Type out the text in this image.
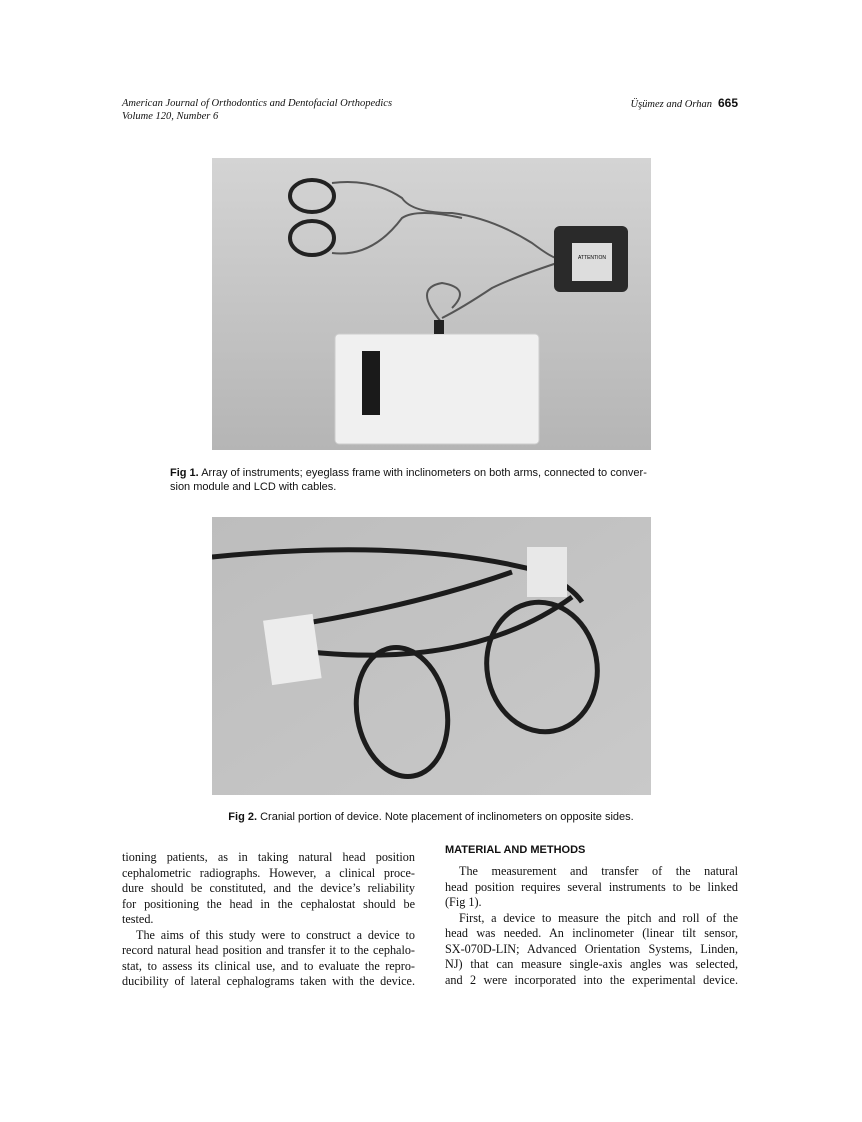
American Journal of Orthodontics and Dentofacial Orthopedics
Volume 120, Number 6
Üşümez and Orhan 665
ATTENTION
Fig 1. Array of instruments; eyeglass frame with inclinometers on both arms, connected to conver-
sion module and LCD with cables.
Fig 2. Cranial portion of device. Note placement of inclinometers on opposite sides.
tioning patients, as in taking natural head position
cephalometric radiographs. However, a clinical proce-
dure should be constituted, and the device’s reliability
for positioning the head in the cephalostat should be
tested.
The aims of this study were to construct a device to
record natural head position and transfer it to the cephalo-
stat, to assess its clinical use, and to evaluate the repro-
ducibility of lateral cephalograms taken with the device.
MATERIAL AND METHODS
The measurement and transfer of the natural
head position requires several instruments to be linked
(Fig 1).
First, a device to measure the pitch and roll of the
head was needed. An inclinometer (linear tilt sensor,
SX-070D-LIN; Advanced Orientation Systems, Linden,
NJ) that can measure single-axis angles was selected,
and 2 were incorporated into the experimental device.
